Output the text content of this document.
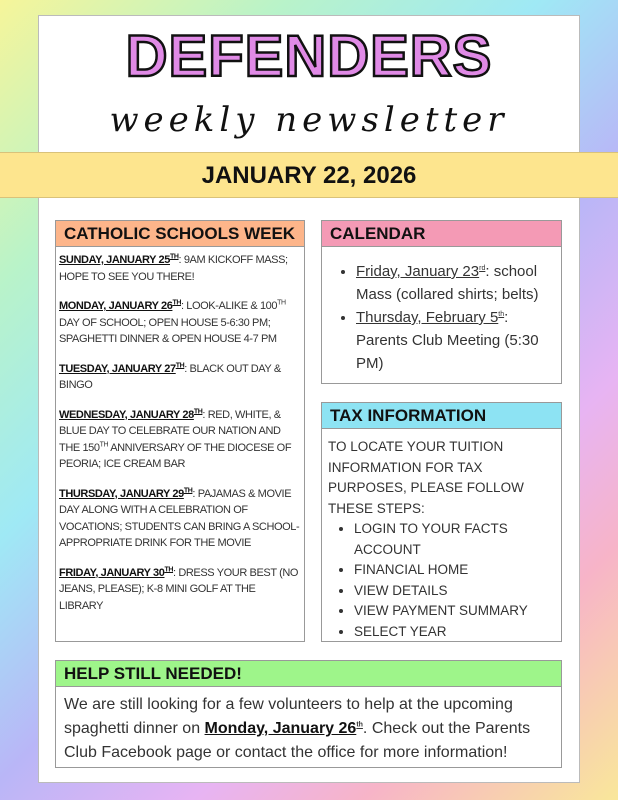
DEFENDERS
weekly newsletter
JANUARY 22, 2026
CATHOLIC SCHOOLS WEEK

SUNDAY, JANUARY 25TH: 9AM KICKOFF MASS; HOPE TO SEE YOU THERE!

MONDAY, JANUARY 26TH: LOOK-ALIKE & 100TH DAY OF SCHOOL; OPEN HOUSE 5-6:30 PM; SPAGHETTI DINNER & OPEN HOUSE 4-7 PM

TUESDAY, JANUARY 27TH: BLACK OUT DAY & BINGO

WEDNESDAY, JANUARY 28TH: RED, WHITE, & BLUE DAY TO CELEBRATE OUR NATION AND THE 150TH ANNIVERSARY OF THE DIOCESE OF PEORIA; ICE CREAM BAR

THURSDAY, JANUARY 29TH: PAJAMAS & MOVIE DAY ALONG WITH A CELEBRATION OF VOCATIONS; STUDENTS CAN BRING A SCHOOL-APPROPRIATE DRINK FOR THE MOVIE

FRIDAY, JANUARY 30TH: DRESS YOUR BEST (NO JEANS, PLEASE); K-8 MINI GOLF AT THE LIBRARY

CALENDAR
• Friday, January 23rd: school Mass (collared shirts; belts)
• Thursday, February 5th: Parents Club Meeting (5:30 PM)
TAX INFORMATION
TO LOCATE YOUR TUITION INFORMATION FOR TAX PURPOSES, PLEASE FOLLOW THESE STEPS:
• LOGIN TO YOUR FACTS ACCOUNT
• FINANCIAL HOME
• VIEW DETAILS
• VIEW PAYMENT SUMMARY
• SELECT YEAR
HELP STILL NEEDED!
We are still looking for a few volunteers to help at the upcoming spaghetti dinner on Monday, January 26th. Check out the Parents Club Facebook page or contact the office for more information!
